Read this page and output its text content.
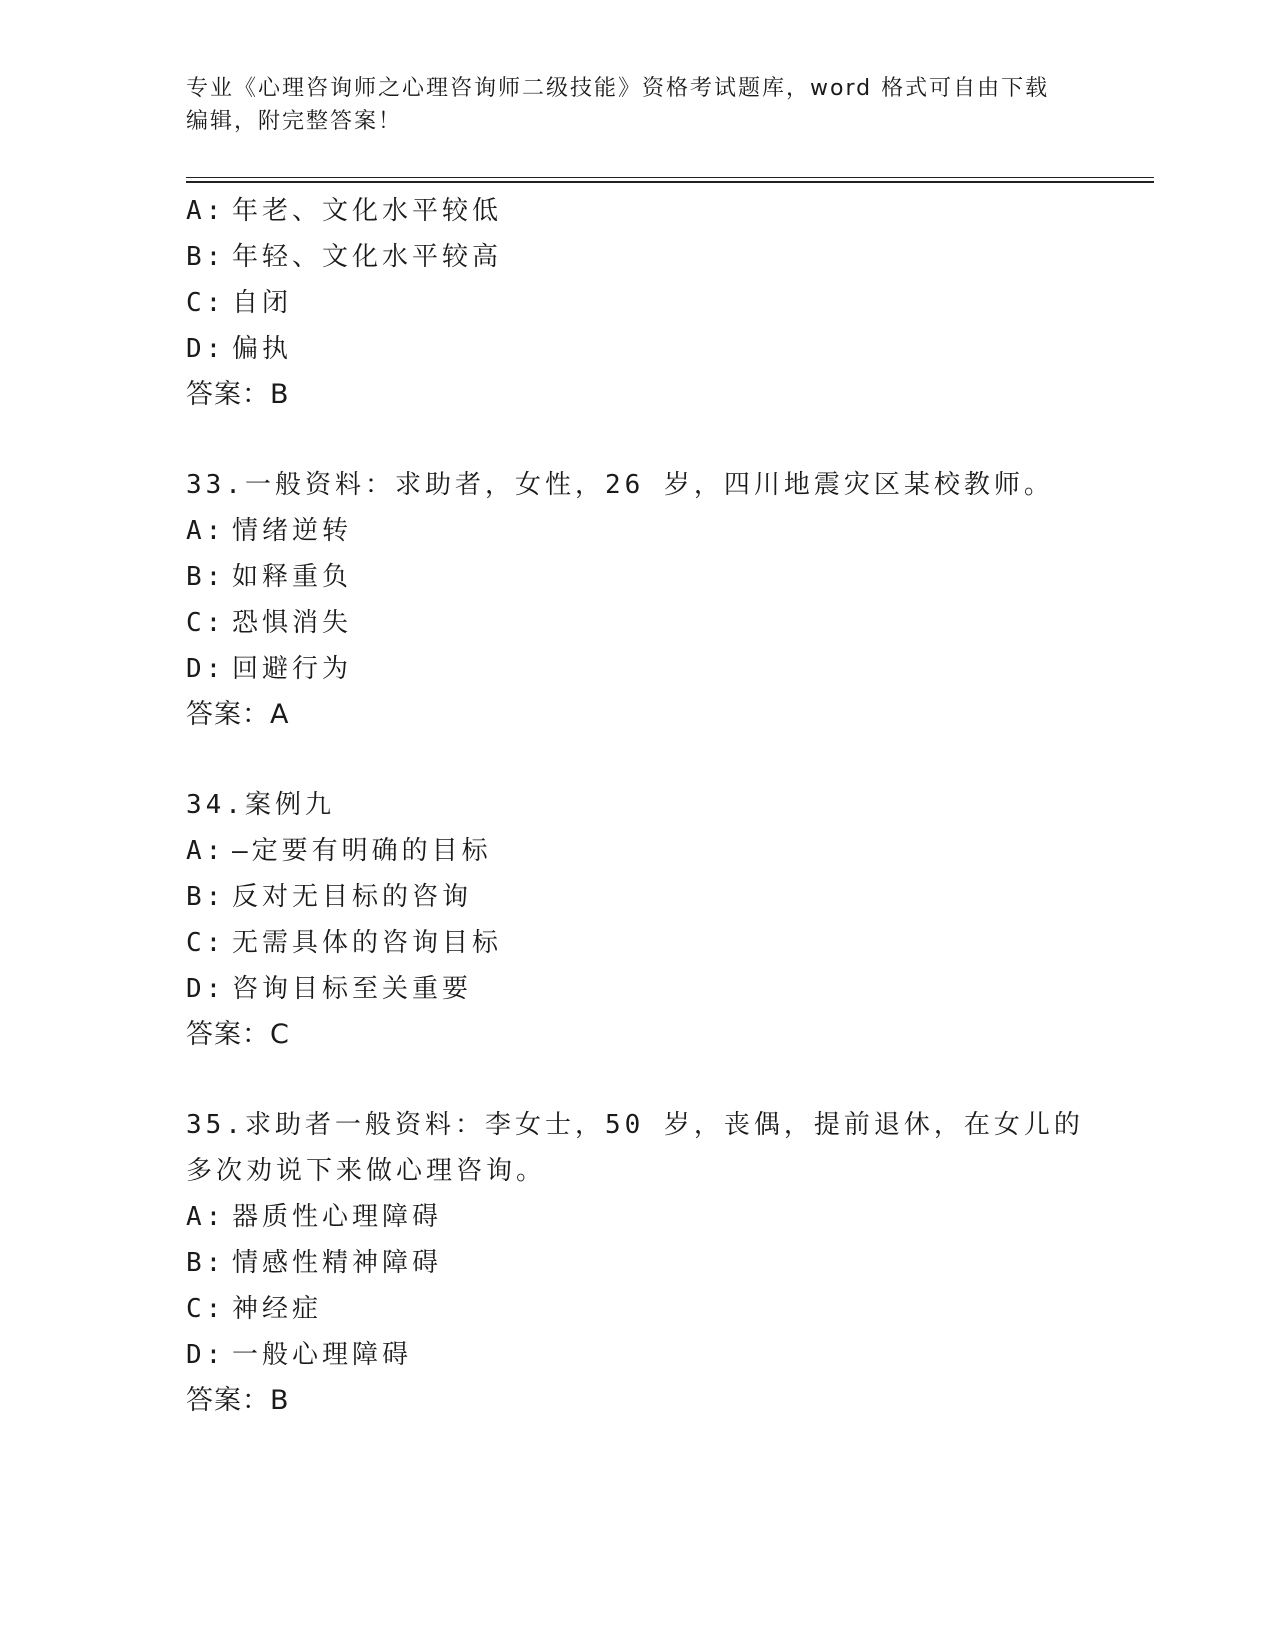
专业《心理咨询师之心理咨询师二级技能》资格考试题库，word 格式可自由下载
编辑，附完整答案！
A: 年老、文化水平较低
B: 年轻、文化水平较高
C: 自闭
D: 偏执
答案：B
33.一般资料：求助者，女性，26 岁，四川地震灾区某校教师。
A: 情绪逆转
B: 如释重负
C: 恐惧消失
D: 回避行为
答案：A
34.案例九
A: —定要有明确的目标
B: 反对无目标的咨询
C: 无需具体的咨询目标
D: 咨询目标至关重要
答案：C
35.求助者一般资料：李女士，50 岁，丧偶，提前退休，在女儿的多次劝说下来做心理咨询。
A: 器质性心理障碍
B: 情感性精神障碍
C: 神经症
D: 一般心理障碍
答案：B
